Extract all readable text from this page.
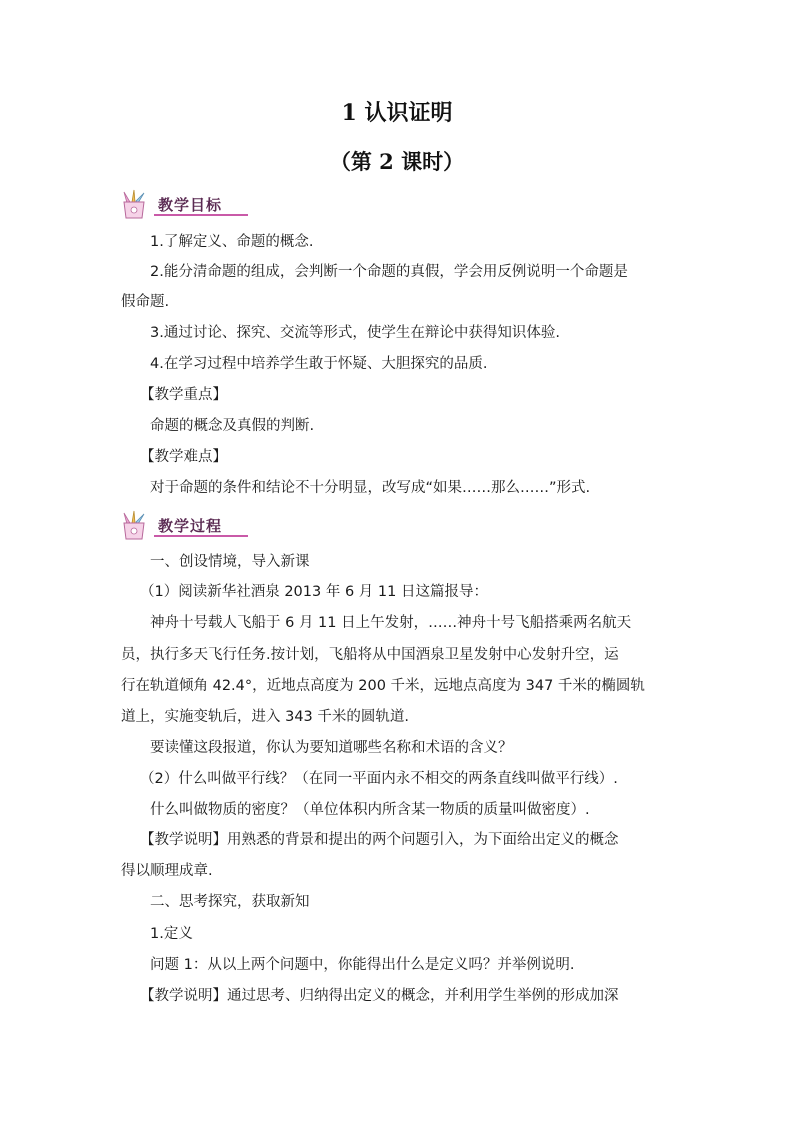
1 认识证明
（第 2 课时）
教学目标
1.了解定义、命题的概念.
2.能分清命题的组成，会判断一个命题的真假，学会用反例说明一个命题是
假命题.
3.通过讨论、探究、交流等形式，使学生在辩论中获得知识体验.
4.在学习过程中培养学生敢于怀疑、大胆探究的品质.
【教学重点】
命题的概念及真假的判断.
【教学难点】
对于命题的条件和结论不十分明显，改写成“如果……那么……”形式.
教学过程
一、创设情境，导入新课
（1）阅读新华社酒泉 2013 年 6 月 11 日这篇报导：
神舟十号载人飞船于 6 月 11 日上午发射，……神舟十号飞船搭乘两名航天
员，执行多天飞行任务.按计划，飞船将从中国酒泉卫星发射中心发射升空，运
行在轨道倾角 42.4°，近地点高度为 200 千米，远地点高度为 347 千米的椭圆轨
道上，实施变轨后，进入 343 千米的圆轨道.
要读懂这段报道，你认为要知道哪些名称和术语的含义？
（2）什么叫做平行线？（在同一平面内永不相交的两条直线叫做平行线）.
什么叫做物质的密度？（单位体积内所含某一物质的质量叫做密度）.
【教学说明】用熟悉的背景和提出的两个问题引入，为下面给出定义的概念
得以顺理成章.
二、思考探究，获取新知
1.定义
问题 1：从以上两个问题中，你能得出什么是定义吗？并举例说明.
【教学说明】通过思考、归纳得出定义的概念，并利用学生举例的形成加深
